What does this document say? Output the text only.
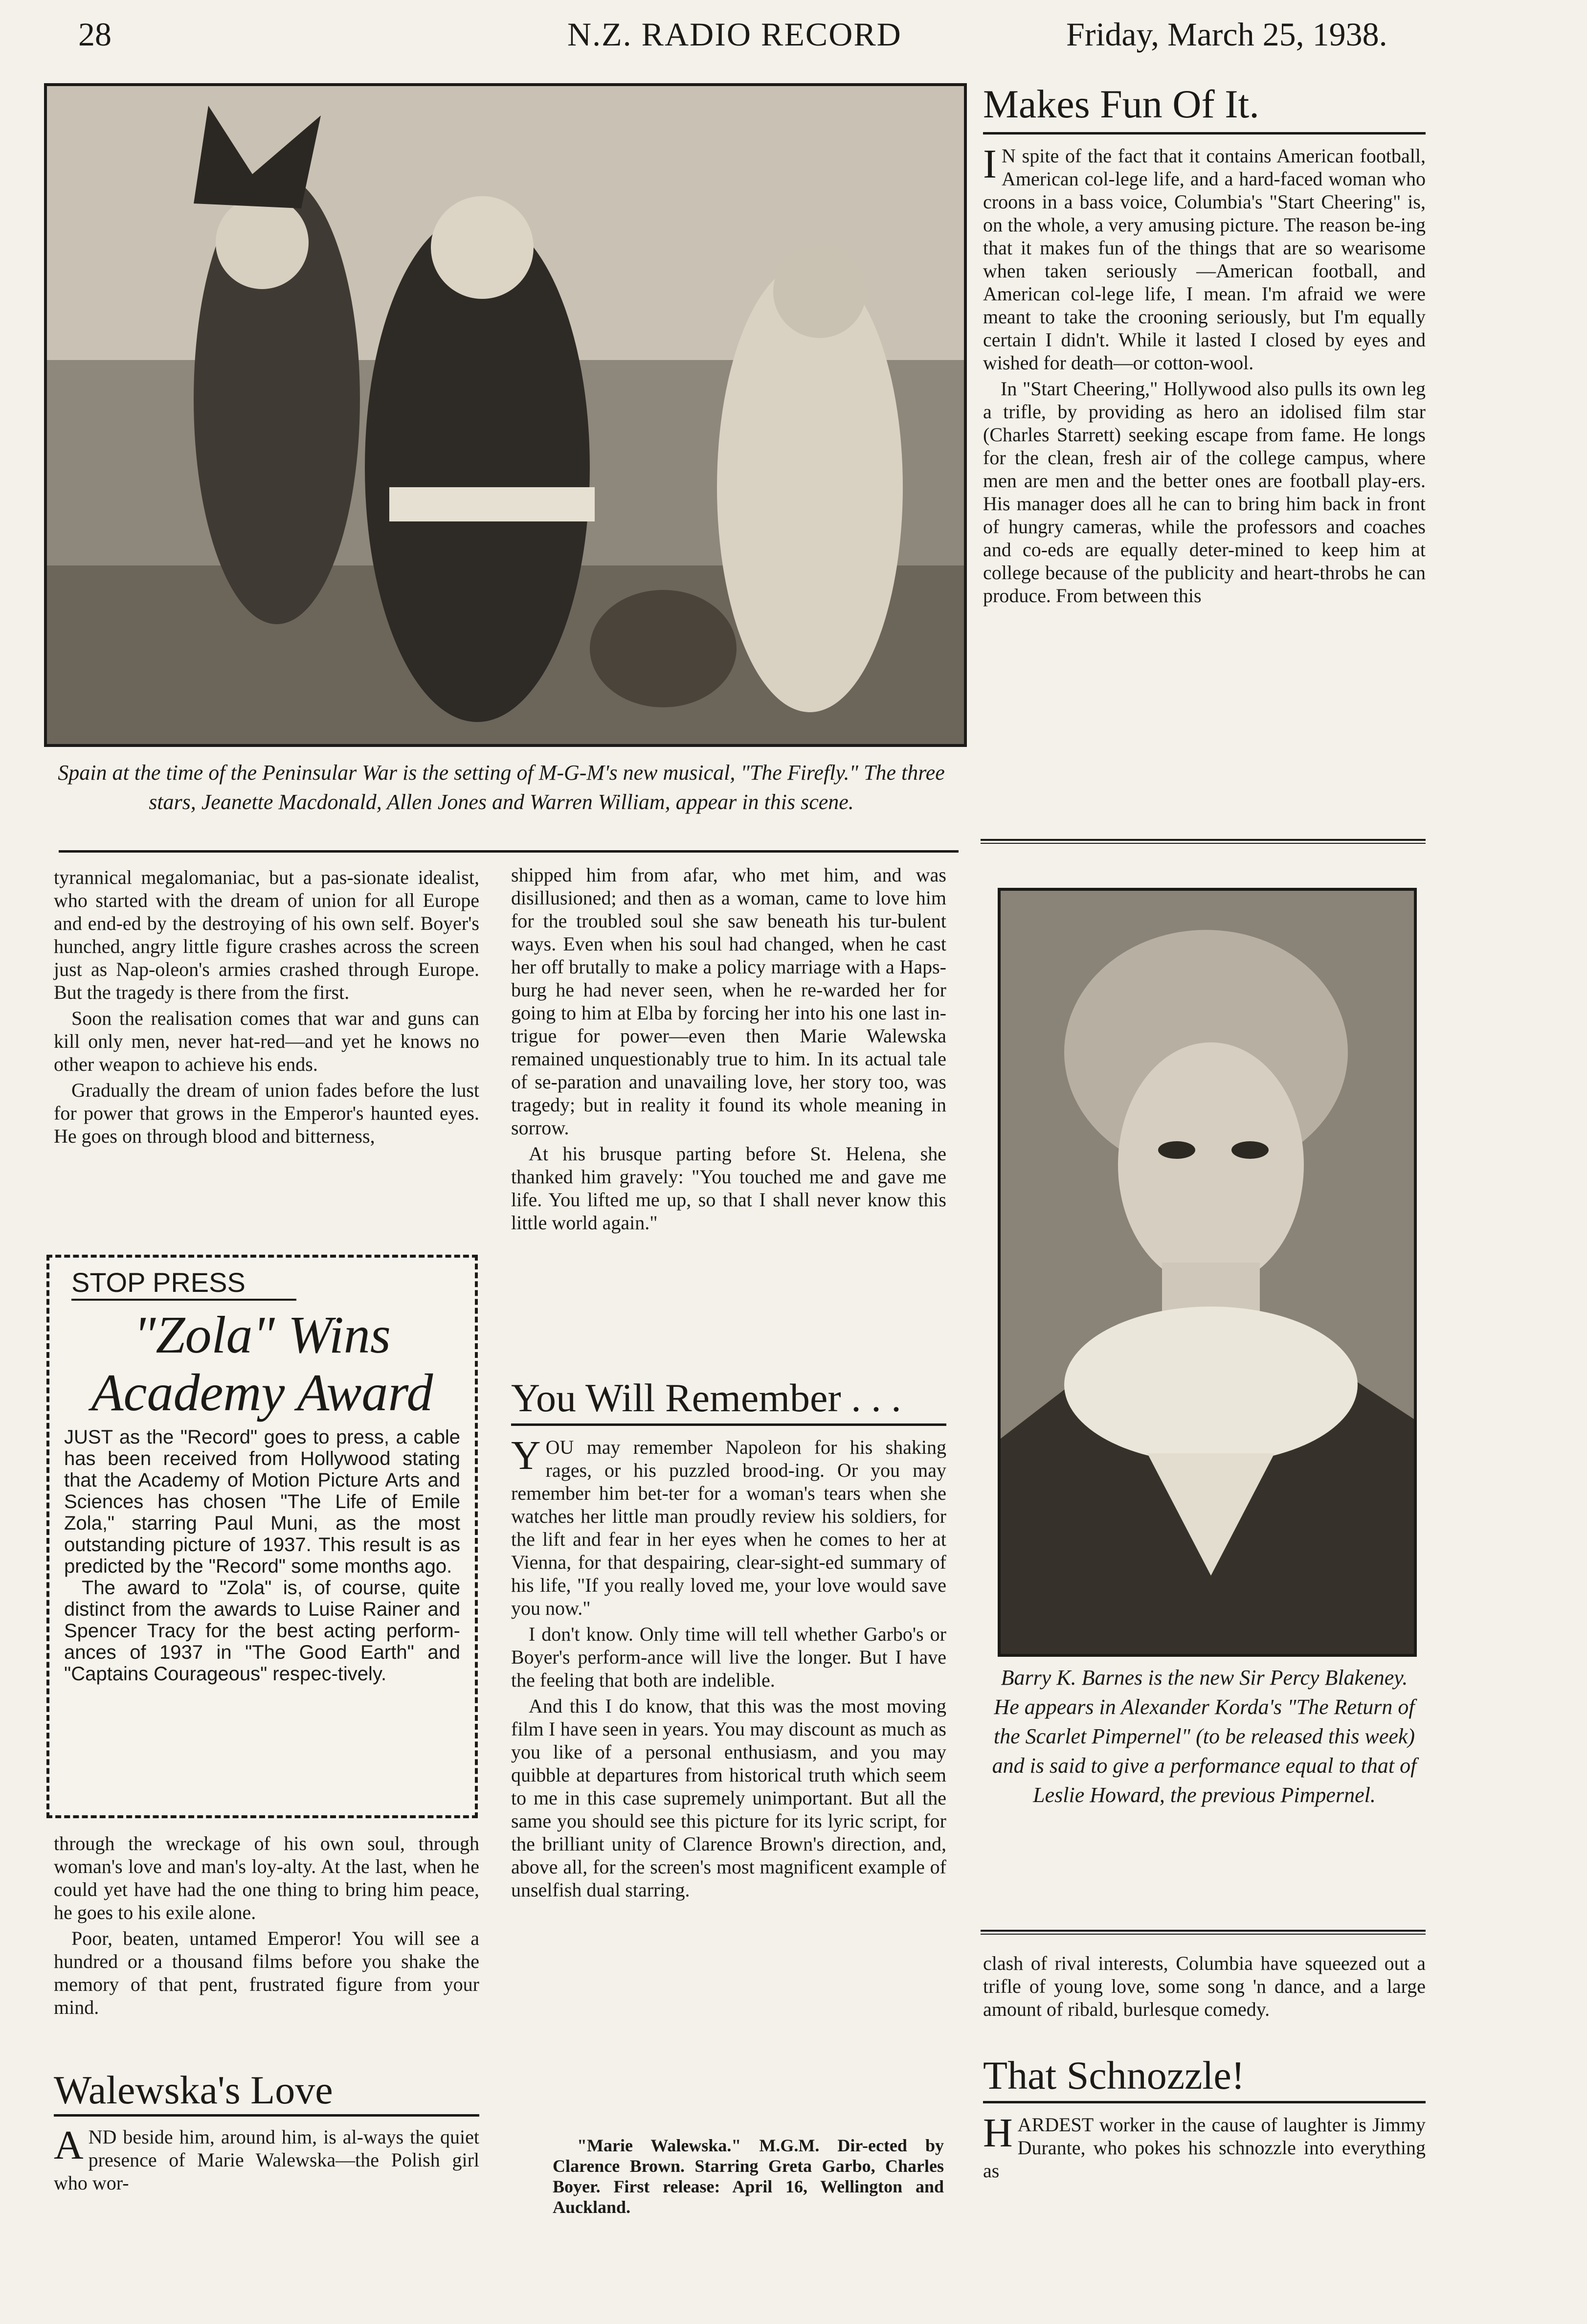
28	N.Z. RADIO RECORD	Friday, March 25, 1938.
Spain at the time of the Peninsular War is the setting of M-G-M's new musical, "The Firefly." The three stars, Jeanette Macdonald, Allen Jones and Warren William, appear in this scene.

tyrannical megalomaniac, but a pas-sionate idealist, who started with the dream of union for all Europe and end-ed by the destroying of his own self. Boyer's hunched, angry little figure crashes across the screen just as Nap-oleon's armies crashed through Europe. But the tragedy is there from the first.

Soon the realisation comes that war and guns can kill only men, never hat-red—and yet he knows no other weapon to achieve his ends.

Gradually the dream of union fades before the lust for power that grows in the Emperor's haunted eyes. He goes on through blood and bitterness,

STOP PRESS
"Zola" Wins Academy Award

JUST as the "Record" goes to press, a cable has been received from Hollywood stating that the Academy of Motion Picture Arts and Sciences has chosen "The Life of Emile Zola," starring Paul Muni, as the most outstanding picture of 1937. This result is as predicted by the "Record" some months ago.

The award to "Zola" is, of course, quite distinct from the awards to Luise Rainer and Spencer Tracy for the best acting perform-ances of 1937 in "The Good Earth" and "Captains Courageous" respec-tively.

through the wreckage of his own soul, through woman's love and man's loy-alty. At the last, when he could yet have had the one thing to bring him peace, he goes to his exile alone.

Poor, beaten, untamed Emperor! You will see a hundred or a thousand films before you shake the memory of that pent, frustrated figure from your mind.

Walewska's Love

AND beside him, around him, is al-ways the quiet presence of Marie Walewska—the Polish girl who wor-

shipped him from afar, who met him, and was disillusioned; and then as a woman, came to love him for the troubled soul she saw beneath his tur-bulent ways. Even when his soul had changed, when he cast her off brutally to make a policy marriage with a Haps-burg he had never seen, when he re-warded her for going to him at Elba by forcing her into his one last in-trigue for power—even then Marie Walewska remained unquestionably true to him. In its actual tale of se-paration and unavailing love, her story too, was tragedy; but in reality it found its whole meaning in sorrow.

At his brusque parting before St. Helena, she thanked him gravely: "You touched me and gave me life. You lifted me up, so that I shall never know this little world again."

You Will Remember . . .

YOU may remember Napoleon for his shaking rages, or his puzzled brood-ing. Or you may remember him bet-ter for a woman's tears when she watches her little man proudly review his soldiers, for the lift and fear in her eyes when he comes to her at Vienna, for that despairing, clear-sight-ed summary of his life, "If you really loved me, your love would save you now."

I don't know. Only time will tell whether Garbo's or Boyer's perform-ance will live the longer. But I have the feeling that both are indelible.

And this I do know, that this was the most moving film I have seen in years. You may discount as much as you like of a personal enthusiasm, and you may quibble at departures from historical truth which seem to me in this case supremely unimportant. But all the same you should see this picture for its lyric script, for the brilliant unity of Clarence Brown's direction, and, above all, for the screen's most magnificent example of unselfish dual starring.

"Marie Walewska." M.G.M. Dir-ected by Clarence Brown. Starring Greta Garbo, Charles Boyer. First release: April 16, Wellington and Auckland.
Makes Fun Of It.

I N spite of the fact that it contains American football, American col-lege life, and a hard-faced woman who croons in a bass voice, Columbia's "Start Cheering" is, on the whole, a very amusing picture. The reason be-ing that it makes fun of the things that are so wearisome when taken seriously —American football, and American col-lege life, I mean. I'm afraid we were meant to take the crooning seriously, but I'm equally certain I didn't. While it lasted I closed by eyes and wished for death—or cotton-wool.

In "Start Cheering," Hollywood also pulls its own leg a trifle, by providing as hero an idolised film star (Charles Starrett) seeking escape from fame. He longs for the clean, fresh air of the college campus, where men are men and the better ones are football play-ers. His manager does all he can to bring him back in front of hungry cameras, while the professors and coaches and co-eds are equally deter-mined to keep him at college because of the publicity and heart-throbs he can produce. From between this

Barry K. Barnes is the new Sir Percy Blakeney. He appears in Alexander Korda's "The Return of the Scarlet Pimpernel" (to be released this week) and is said to give a performance equal to that of Leslie Howard, the previous Pimpernel.

clash of rival interests, Columbia have squeezed out a trifle of young love, some song 'n dance, and a large amount of ribald, burlesque comedy.

That Schnozzle!

HARDEST worker in the cause of laughter is Jimmy Durante, who pokes his schnozzle into everything as
